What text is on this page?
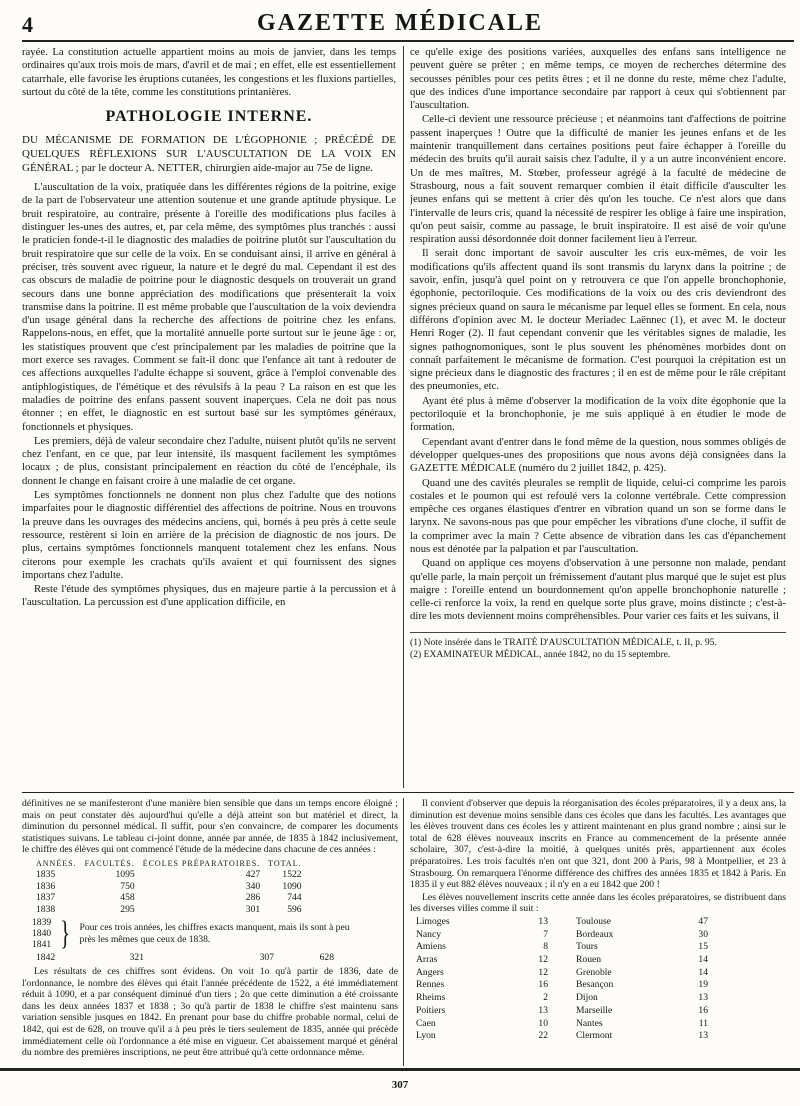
4	GAZETTE MÉDICALE

rayée. La constitution actuelle appartient moins au mois de janvier, dans les temps ordinaires qu'aux trois mois de mars, d'avril et de mai ; en effet, elle est essentiellement catarrhale, elle favorise les éruptions cutanées, les congestions et les fluxions partielles, surtout du côté de la tête, comme les constitutions printanières.

PATHOLOGIE INTERNE.
DU MÉCANISME DE FORMATION DE L'ÉGOPHONIE ; PRÉCÉDÉ DE QUELQUES RÉFLEXIONS SUR L'AUSCULTATION DE LA VOIX EN GÉNÉRAL ; par le docteur A. NETTER, chirurgien aide-major au 75e de ligne.

L'auscultation de la voix, pratiquée dans les différentes régions de la poitrine, exige de la part de l'observateur une attention soutenue et une grande aptitude physique. Le bruit respiratoire, au contraire, présente à l'oreille des modifications plus faciles à distinguer les-unes des autres, et, par cela même, des symptômes plus tranchés : aussi le praticien fonde-t-il le diagnostic des maladies de poitrine plutôt sur l'auscultation du bruit respiratoire que sur celle de la voix. En se conduisant ainsi, il arrive en général à préciser, très souvent avec rigueur, la nature et le degré du mal. Cependant il est des cas obscurs de maladie de poitrine pour le diagnostic desquels on trouverait un grand secours dans une bonne appréciation des modifications que présenterait la voix transmise dans la poitrine. Il est même probable que l'auscultation de la voix deviendra d'un usage général dans la recherche des affections de poitrine chez les enfans. Rappelons-nous, en effet, que la mortalité annuelle porte surtout sur le jeune âge : or, les statistiques prouvent que c'est principalement par les maladies de poitrine que la mort exerce ses ravages. Comment se fait-il donc que l'enfance ait tant à redouter de ces affections auxquelles l'adulte échappe si souvent, grâce à l'emploi convenable des antiphlogistiques, de l'émétique et des révulsifs à la peau ? La raison en est que les maladies de poitrine des enfans passent souvent inaperçues. Cela ne doit pas nous étonner ; en effet, le diagnostic en est surtout basé sur les symptômes généraux, fonctionnels et physiques.

Les premiers, déjà de valeur secondaire chez l'adulte, nuisent plutôt qu'ils ne servent chez l'enfant, en ce que, par leur intensité, ils masquent facilement les symptômes locaux ; de plus, consistant principalement en réaction du côté de l'encéphale, ils donnent le change en faisant croire à une maladie de cet organe.

Les symptômes fonctionnels ne donnent non plus chez l'adulte que des notions imparfaites pour le diagnostic différentiel des affections de poitrine. Nous en trouvons la preuve dans les ouvrages des médecins anciens, qui, bornés à peu près à cette seule ressource, restèrent si loin en arrière de la précision de diagnostic de nos jours. De plus, certains symptômes fonctionnels manquent totalement chez les enfans. Nous citerons pour exemple les crachats qu'ils avaient et qui fournissent des signes importans chez l'adulte.

Reste l'étude des symptômes physiques, dus en majeure partie à la percussion et à l'auscultation. La percussion est d'une application difficile, en

ce qu'elle exige des positions variées, auxquelles des enfans sans intelligence ne peuvent guère se prêter ; en même temps, ce moyen de recherches détermine des secousses pénibles pour ces petits êtres ; et il ne donne du reste, même chez l'adulte, que des indices d'une importance secondaire par rapport à ceux qui s'obtiennent par l'auscultation.

Celle-ci devient une ressource précieuse ; et néanmoins tant d'affections de poitrine passent inaperçues ! Outre que la difficulté de manier les jeunes enfans et de les maintenir tranquillement dans certaines positions peut faire échapper à l'oreille du médecin des bruits qu'il aurait saisis chez l'adulte, il y a un autre inconvénient encore. Un de mes maîtres, M. Stœber, professeur agrégé à la faculté de médecine de Strasbourg, nous a fait souvent remarquer combien il était difficile d'ausculter les jeunes enfans qui se mettent à crier dès qu'on les touche. Ce n'est alors que dans l'intervalle de leurs cris, quand la nécessité de respirer les oblige à faire une inspiration, qu'on peut saisir, comme au passage, le bruit inspiratoire. Il est aisé de voir qu'une respiration aussi désordonnée doit donner facilement lieu à l'erreur.

Il serait donc important de savoir ausculter les cris eux-mêmes, de voir les modifications qu'ils affectent quand ils sont transmis du larynx dans la poitrine ; de savoir, enfin, jusqu'à quel point on y retrouvera ce que l'on appelle bronchophonie, égophonie, pectoriloquie. Ces modifications de la voix ou des cris deviendront des signes précieux quand on saura le mécanisme par lequel elles se forment. En cela, nous différons d'opinion avec M. le docteur Meriadec Laënnec (1), et avec M. le docteur Henri Roger (2). Il faut cependant convenir que les véritables signes de maladie, les signes pathognomoniques, sont le plus souvent les phénomènes morbides dont on connaît parfaitement le mécanisme de formation. C'est pourquoi la crépitation est un signe précieux dans le diagnostic des fractures ; il en est de même pour le râle crépitant des pneumonies, etc.

Ayant été plus à même d'observer la modification de la voix dite égophonie que la pectoriloquie et la bronchophonie, je me suis appliqué à en étudier le mode de formation.

Cependant avant d'entrer dans le fond même de la question, nous sommes obligés de développer quelques-unes des propositions que nous avons déjà consignées dans la GAZETTE MÉDICALE (numéro du 2 juillet 1842, p. 425).

Quand une des cavités pleurales se remplit de liquide, celui-ci comprime les parois costales et le poumon qui est refoulé vers la colonne vertébrale. Cette compression empêche ces organes élastiques d'entrer en vibration quand un son se forme dans le larynx. Ne savons-nous pas que pour empêcher les vibrations d'une cloche, il suffit de la comprimer avec la main ? Cette absence de vibration dans les cas d'épanchement nous est dénotée par la palpation et par l'auscultation.

Quand on applique ces moyens d'observation à une personne non malade, pendant qu'elle parle, la main perçoit un frémissement d'autant plus marqué que le sujet est plus maigre : l'oreille entend un bourdonnement qu'on appelle bronchophonie naturelle ; celle-ci renforce la voix, la rend en quelque sorte plus grave, moins distincte ; c'est-à-dire les mots deviennent moins compréhensibles. Pour varier ces faits et les suivans, il

(1) Note insérée dans le TRAITÉ D'AUSCULTATION MÉDICALE, t. II, p. 95.

(2) EXAMINATEUR MÉDICAL, année 1842, no du 15 septembre.

définitives ne se manifesteront d'une manière bien sensible que dans un temps encore éloigné ; mais on peut constater dès aujourd'hui qu'elle a déjà atteint son but matériel et direct, la diminution du personnel médical. Il suffit, pour s'en convaincre, de comparer les documents statistiques suivans. Le tableau ci-joint donne, année par année, de 1835 à 1842 inclusivement, le chiffre des élèves qui ont commencé l'étude de la médecine dans chacune de ces années :

ANNÉES.	FACULTÉS.	ÉCOLES PRÉPARATOIRES.	TOTAL.
1835	1095	427	1522
1836	750	340	1090
1837	458	286	744
1838	295	301	596
1839
1840
1841 } Pour ces trois années, les chiffres exacts manquent, mais ils sont à peu près les mêmes que ceux de 1838.
1842	321	307	628

Les résultats de ces chiffres sont évidens. On voit 1o qu'à partir de 1836, date de l'ordonnance, le nombre des élèves qui était l'année précédente de 1522, a été immédiatement réduit à 1090, et a par conséquent diminué d'un tiers ; 2o que cette diminution a été croissante dans les deux années 1837 et 1838 ; 3o qu'à partir de 1838 le chiffre s'est maintenu sans variation sensible jusques en 1842. En prenant pour base du chiffre probable normal, celui de 1842, qui est de 628, on trouve qu'il a à peu près le tiers seulement de 1835, année qui précède immédiatement celle où l'ordonnance a été mise en vigueur. Cet abaissement marqué et général du nombre des premières inscriptions, ne peut être attribué qu'à cette ordonnance même.

Il convient d'observer que depuis la réorganisation des écoles préparatoires, il y a deux ans, la diminution est devenue moins sensible dans ces écoles que dans les facultés. Les avantages que les élèves trouvent dans ces écoles les y attirent maintenant en plus grand nombre ; ainsi sur le total de 628 élèves nouveaux inscrits en France au commencement de la présente année scholaire, 307, c'est-à-dire la moitié, à quelques unités près, appartiennent aux écoles préparatoires. Les trois facultés n'en ont que 321, dont 200 à Paris, 98 à Montpellier, et 23 à Strasbourg. On remarquera l'énorme différence des chiffres des années 1835 et 1842 à Paris. En 1835 il y eut 882 élèves nouveaux ; il n'y en a eu 1842 que 200 !

Les élèves nouvellement inscrits cette année dans les écoles préparatoires, se distribuent dans les diverses villes comme il suit :

Limoges	13	Toulouse	47
Nancy	7	Bordeaux	30
Amiens	8	Tours	15
Arras	12	Rouen	14
Angers	12	Grenoble	14
Rennes	16	Besançon	19
Rheims	2	Dijon	13
Poitiers	13	Marseille	16
Caen	10	Nantes	11
Lyon	22	Clermont	13
307
